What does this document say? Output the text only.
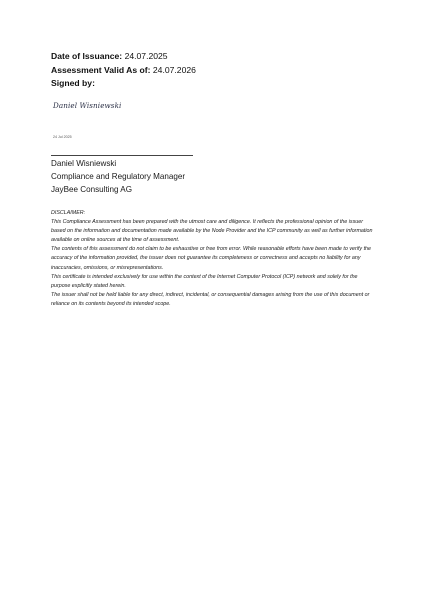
Date of Issuance: 24.07.2025
Assessment Valid As of: 24.07.2026
Signed by:
Daniel Wisniewski
24 Jul 2025
Daniel Wisniewski
Compliance and Regulatory Manager
JayBee Consulting AG

DISCLAIMER:

This Compliance Assessment has been prepared with the utmost care and diligence. It reflects the professional opinion of the issuer based on the information and documentation made available by the Node Provider and the ICP community as well as further information available on online sources at the time of assessment.

The contents of this assessment do not claim to be exhaustive or free from error. While reasonable efforts have been made to verify the accuracy of the information provided, the issuer does not guarantee its completeness or correctness and accepts no liability for any inaccuracies, omissions, or misrepresentations.

This certificate is intended exclusively for use within the context of the Internet Computer Protocol (ICP) network and solely for the purpose explicitly stated herein.

The issuer shall not be held liable for any direct, indirect, incidental, or consequential damages arising from the use of this document or reliance on its contents beyond its intended scope.
